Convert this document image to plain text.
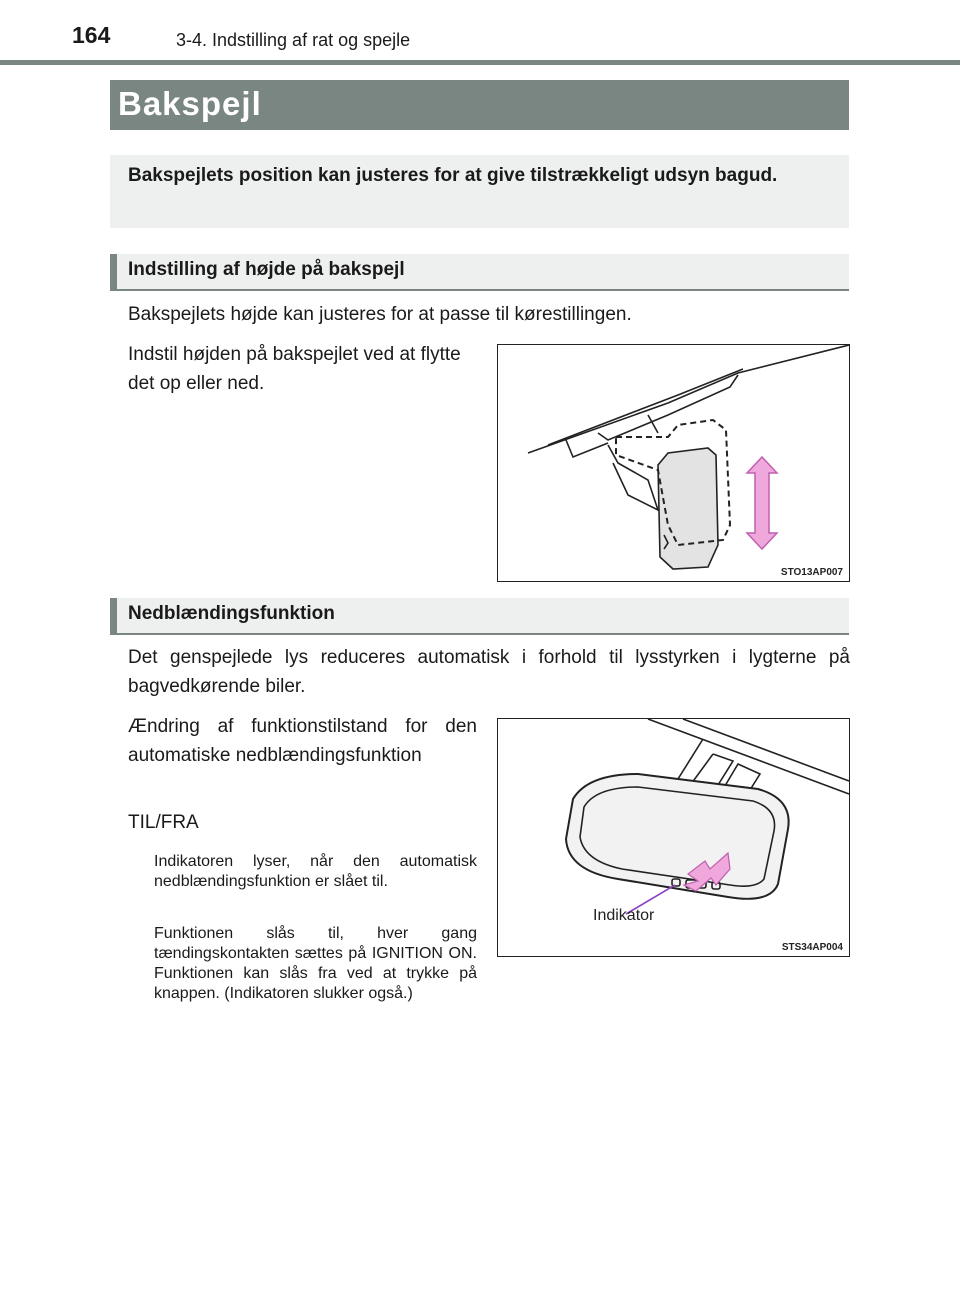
164	3-4. Indstilling af rat og spejle
Bakspejl

Bakspejlets position kan justeres for at give tilstrækkeligt udsyn bagud.

Indstilling af højde på bakspejl
Bakspejlets højde kan justeres for at passe til kørestillingen.
Indstil højden på bakspejlet ved at flytte det op eller ned.
STO13AP007
Nedblændingsfunktion
Det genspejlede lys reduceres automatisk i forhold til lysstyrken i lygterne på bagvedkørende biler.
Ændring af funktionstilstand for den automatiske nedblændingsfunktion
TIL/FRA
Indikatoren lyser, når den automatisk nedblændingsfunktion er slået til.
Funktionen slås til, hver gang tændingskontakten sættes på IGNITION ON. Funktionen kan slås fra ved at trykke på knappen. (Indikatoren slukker også.)
Indikator
STS34AP004
